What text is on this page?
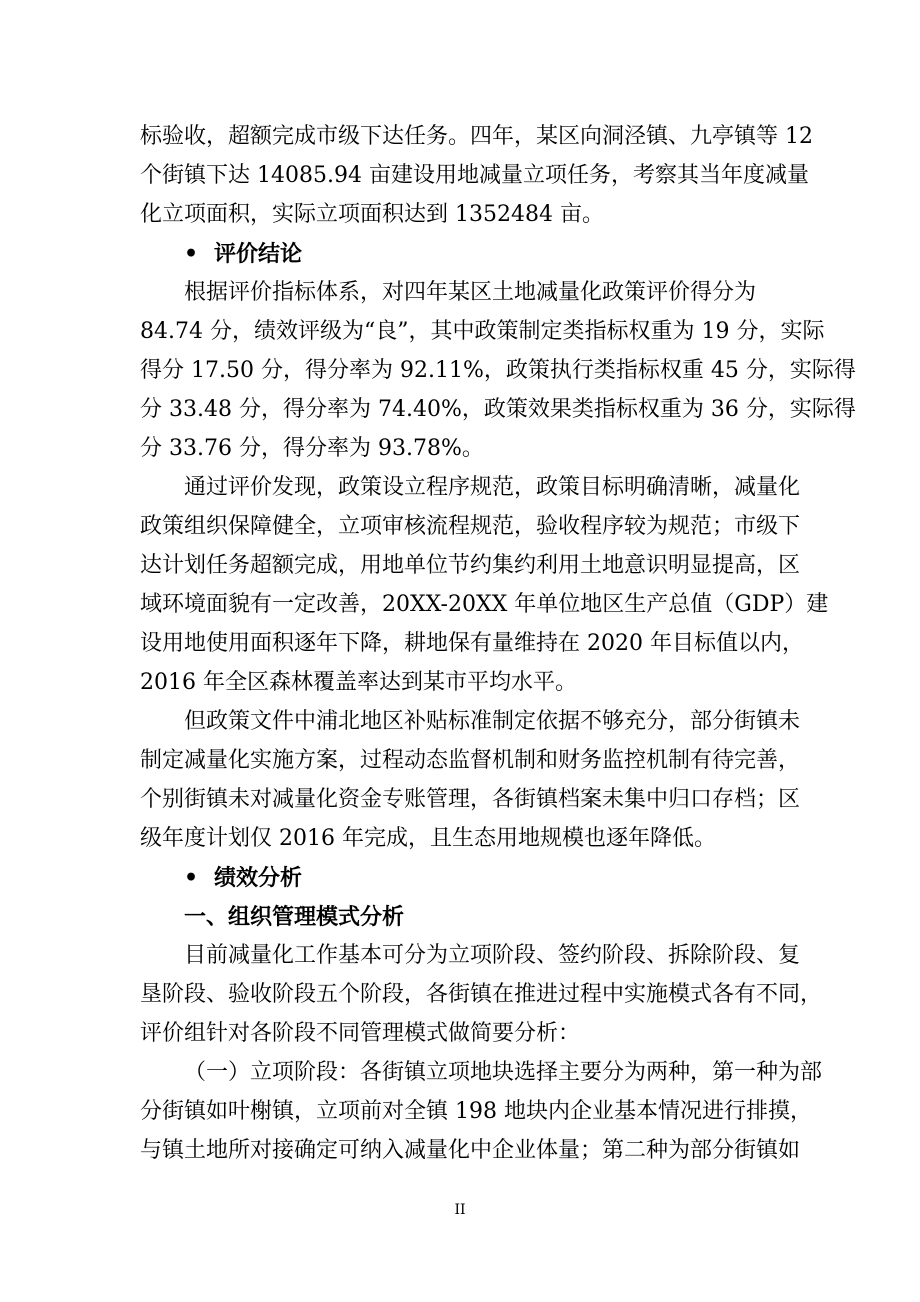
标验收，超额完成市级下达任务。四年，某区向洞泾镇、九亭镇等 12
个街镇下达 14085.94 亩建设用地减量立项任务，考察其当年度减量
化立项面积，实际立项面积达到 1352484 亩。
• 评价结论
根据评价指标体系，对四年某区土地减量化政策评价得分为
84.74 分，绩效评级为“良”，其中政策制定类指标权重为 19 分，实际
得分 17.50 分，得分率为 92.11%，政策执行类指标权重 45 分，实际得
分 33.48 分，得分率为 74.40%，政策效果类指标权重为 36 分，实际得
分 33.76 分，得分率为 93.78%。
通过评价发现，政策设立程序规范，政策目标明确清晰，减量化
政策组织保障健全，立项审核流程规范，验收程序较为规范；市级下
达计划任务超额完成，用地单位节约集约利用土地意识明显提高，区
域环境面貌有一定改善，20XX-20XX 年单位地区生产总值（GDP）建
设用地使用面积逐年下降，耕地保有量维持在 2020 年目标值以内，
2016 年全区森林覆盖率达到某市平均水平。
但政策文件中浦北地区补贴标准制定依据不够充分，部分街镇未
制定减量化实施方案，过程动态监督机制和财务监控机制有待完善，
个别街镇未对减量化资金专账管理，各街镇档案未集中归口存档；区
级年度计划仅 2016 年完成，且生态用地规模也逐年降低。
• 绩效分析
一、组织管理模式分析
目前减量化工作基本可分为立项阶段、签约阶段、拆除阶段、复
垦阶段、验收阶段五个阶段，各街镇在推进过程中实施模式各有不同，
评价组针对各阶段不同管理模式做简要分析：
（一）立项阶段：各街镇立项地块选择主要分为两种，第一种为部
分街镇如叶榭镇，立项前对全镇 198 地块内企业基本情况进行排摸，
与镇土地所对接确定可纳入减量化中企业体量；第二种为部分街镇如
II
